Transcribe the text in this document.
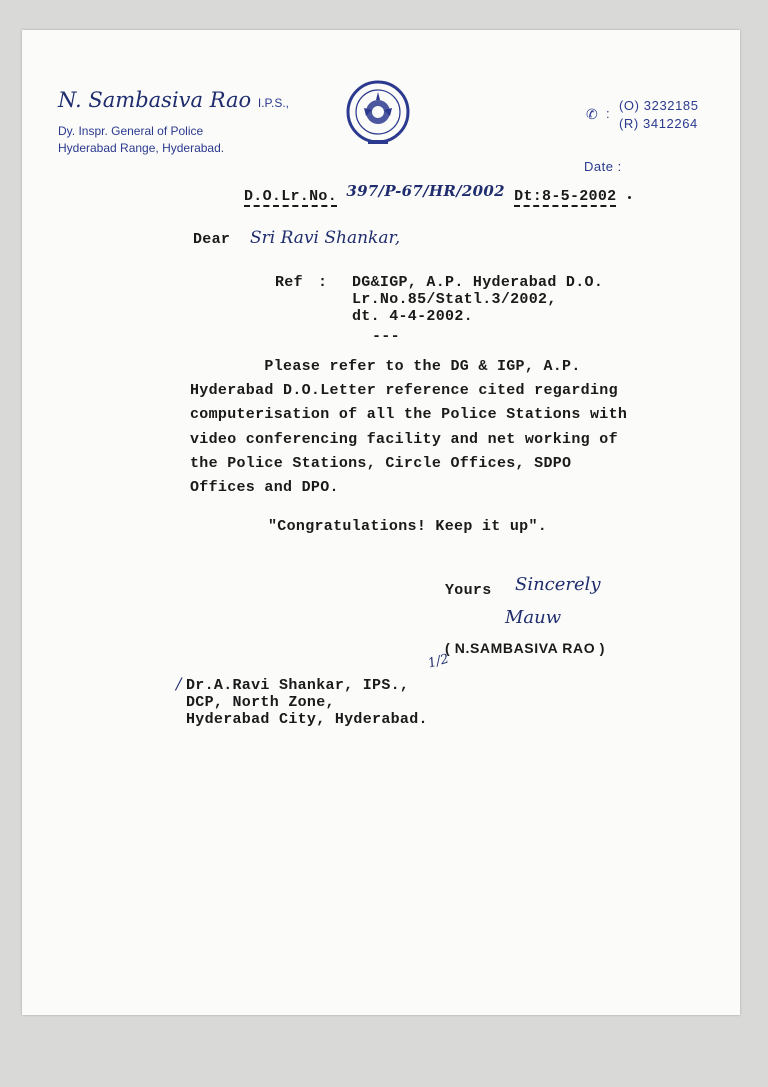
N. Sambasiva Rao I.P.S.,
Dy. Inspr. General of Police
Hyderabad Range, Hyderabad.
✆ :
(O) 3232185
(R) 3412264
Date :
D.O.Lr.No. 397/P-67/HR/2002 Dt:8-5-2002
Dear Sri Ravi Shankar,
Ref : DG&IGP, A.P. Hyderabad D.O.
Lr.No.85/Statl.3/2002,
dt. 4-4-2002.
---
Please refer to the DG & IGP, A.P.
Hyderabad D.O.Letter reference cited regarding
computerisation of all the Police Stations with
video conferencing facility and net working of
the Police Stations, Circle Offices, SDPO
Offices and DPO.
"Congratulations! Keep it up".
Yours Sincerely
Mauw
( N.SAMBASIVA RAO )
1/2
/ Dr.A.Ravi Shankar, IPS.,
DCP, North Zone,
Hyderabad City, Hyderabad.
